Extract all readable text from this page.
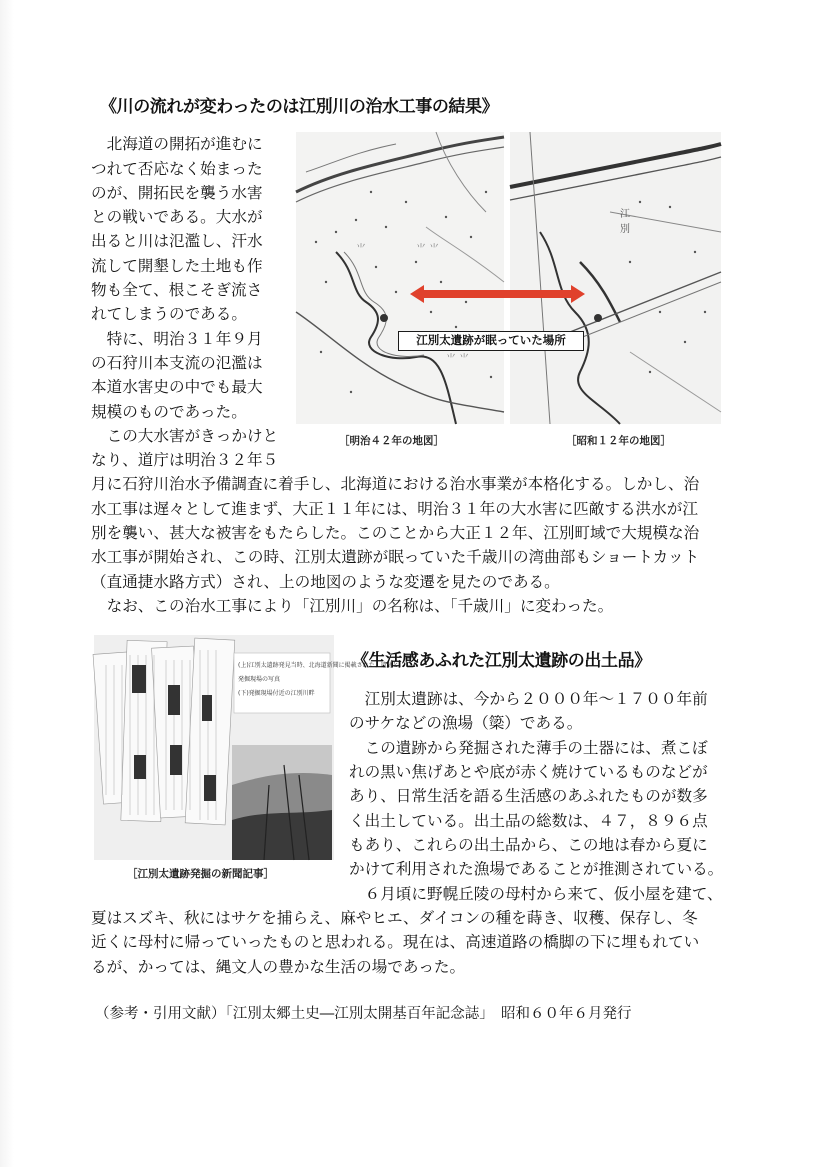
《川の流れが変わったのは江別川の治水工事の結果》

　北海道の開拓が進むに

つれて否応なく始まった

のが、開拓民を襲う水害

との戦いである。大水が

出ると川は氾濫し、汗水

流して開墾した土地も作

物も全て、根こそぎ流さ

れてしまうのである。

　特に、明治３１年９月

の石狩川本支流の氾濫は

本道水害史の中でも最大

規模のものであった。

　この大水害がきっかけと

なり、道庁は明治３２年５

⺌ ⺌
⺌
⺌ ⺌
江
別
江別太遺跡が眠っていた場所
［明治４２年の地図］	［昭和１２年の地図］

月に石狩川治水予備調査に着手し、北海道における治水事業が本格化する。しかし、治

水工事は遅々として進まず、大正１１年には、明治３１年の大水害に匹敵する洪水が江

別を襲い、甚大な被害をもたらした。このことから大正１２年、江別町域で大規模な治

水工事が開始され、この時、江別太遺跡が眠っていた千歳川の湾曲部もショートカット

（直通捷水路方式）され、上の地図のような変遷を見たのである。

　なお、この治水工事により「江別川」の名称は、「千歳川」に変わった。

(上)江別太遺跡発見当時、北海道新聞に掲載された、遺跡と
発掘現場の写真
(下)発掘現場付近の江別川畔
［江別太遺跡発掘の新聞記事］
《生活感あふれた江別太遺跡の出土品》

　江別太遺跡は、今から２０００年〜１７００年前

のサケなどの漁場（簗）である。

　この遺跡から発掘された薄手の土器には、煮こぼ

れの黒い焦げあとや底が赤く焼けているものなどが

あり、日常生活を語る生活感のあふれたものが数多

く出土している。出土品の総数は、４７，８９６点

もあり、これらの出土品から、この地は春から夏に

かけて利用された漁場であることが推測されている。

　６月頃に野幌丘陵の母村から来て、仮小屋を建て、

夏はスズキ、秋にはサケを捕らえ、麻やヒエ、ダイコンの種を蒔き、収穫、保存し、冬

近くに母村に帰っていったものと思われる。現在は、高速道路の橋脚の下に埋もれてい

るが、かっては、縄文人の豊かな生活の場であった。

（参考・引用文献）「江別太郷土史―江別太開基百年記念誌」　昭和６０年６月発行
